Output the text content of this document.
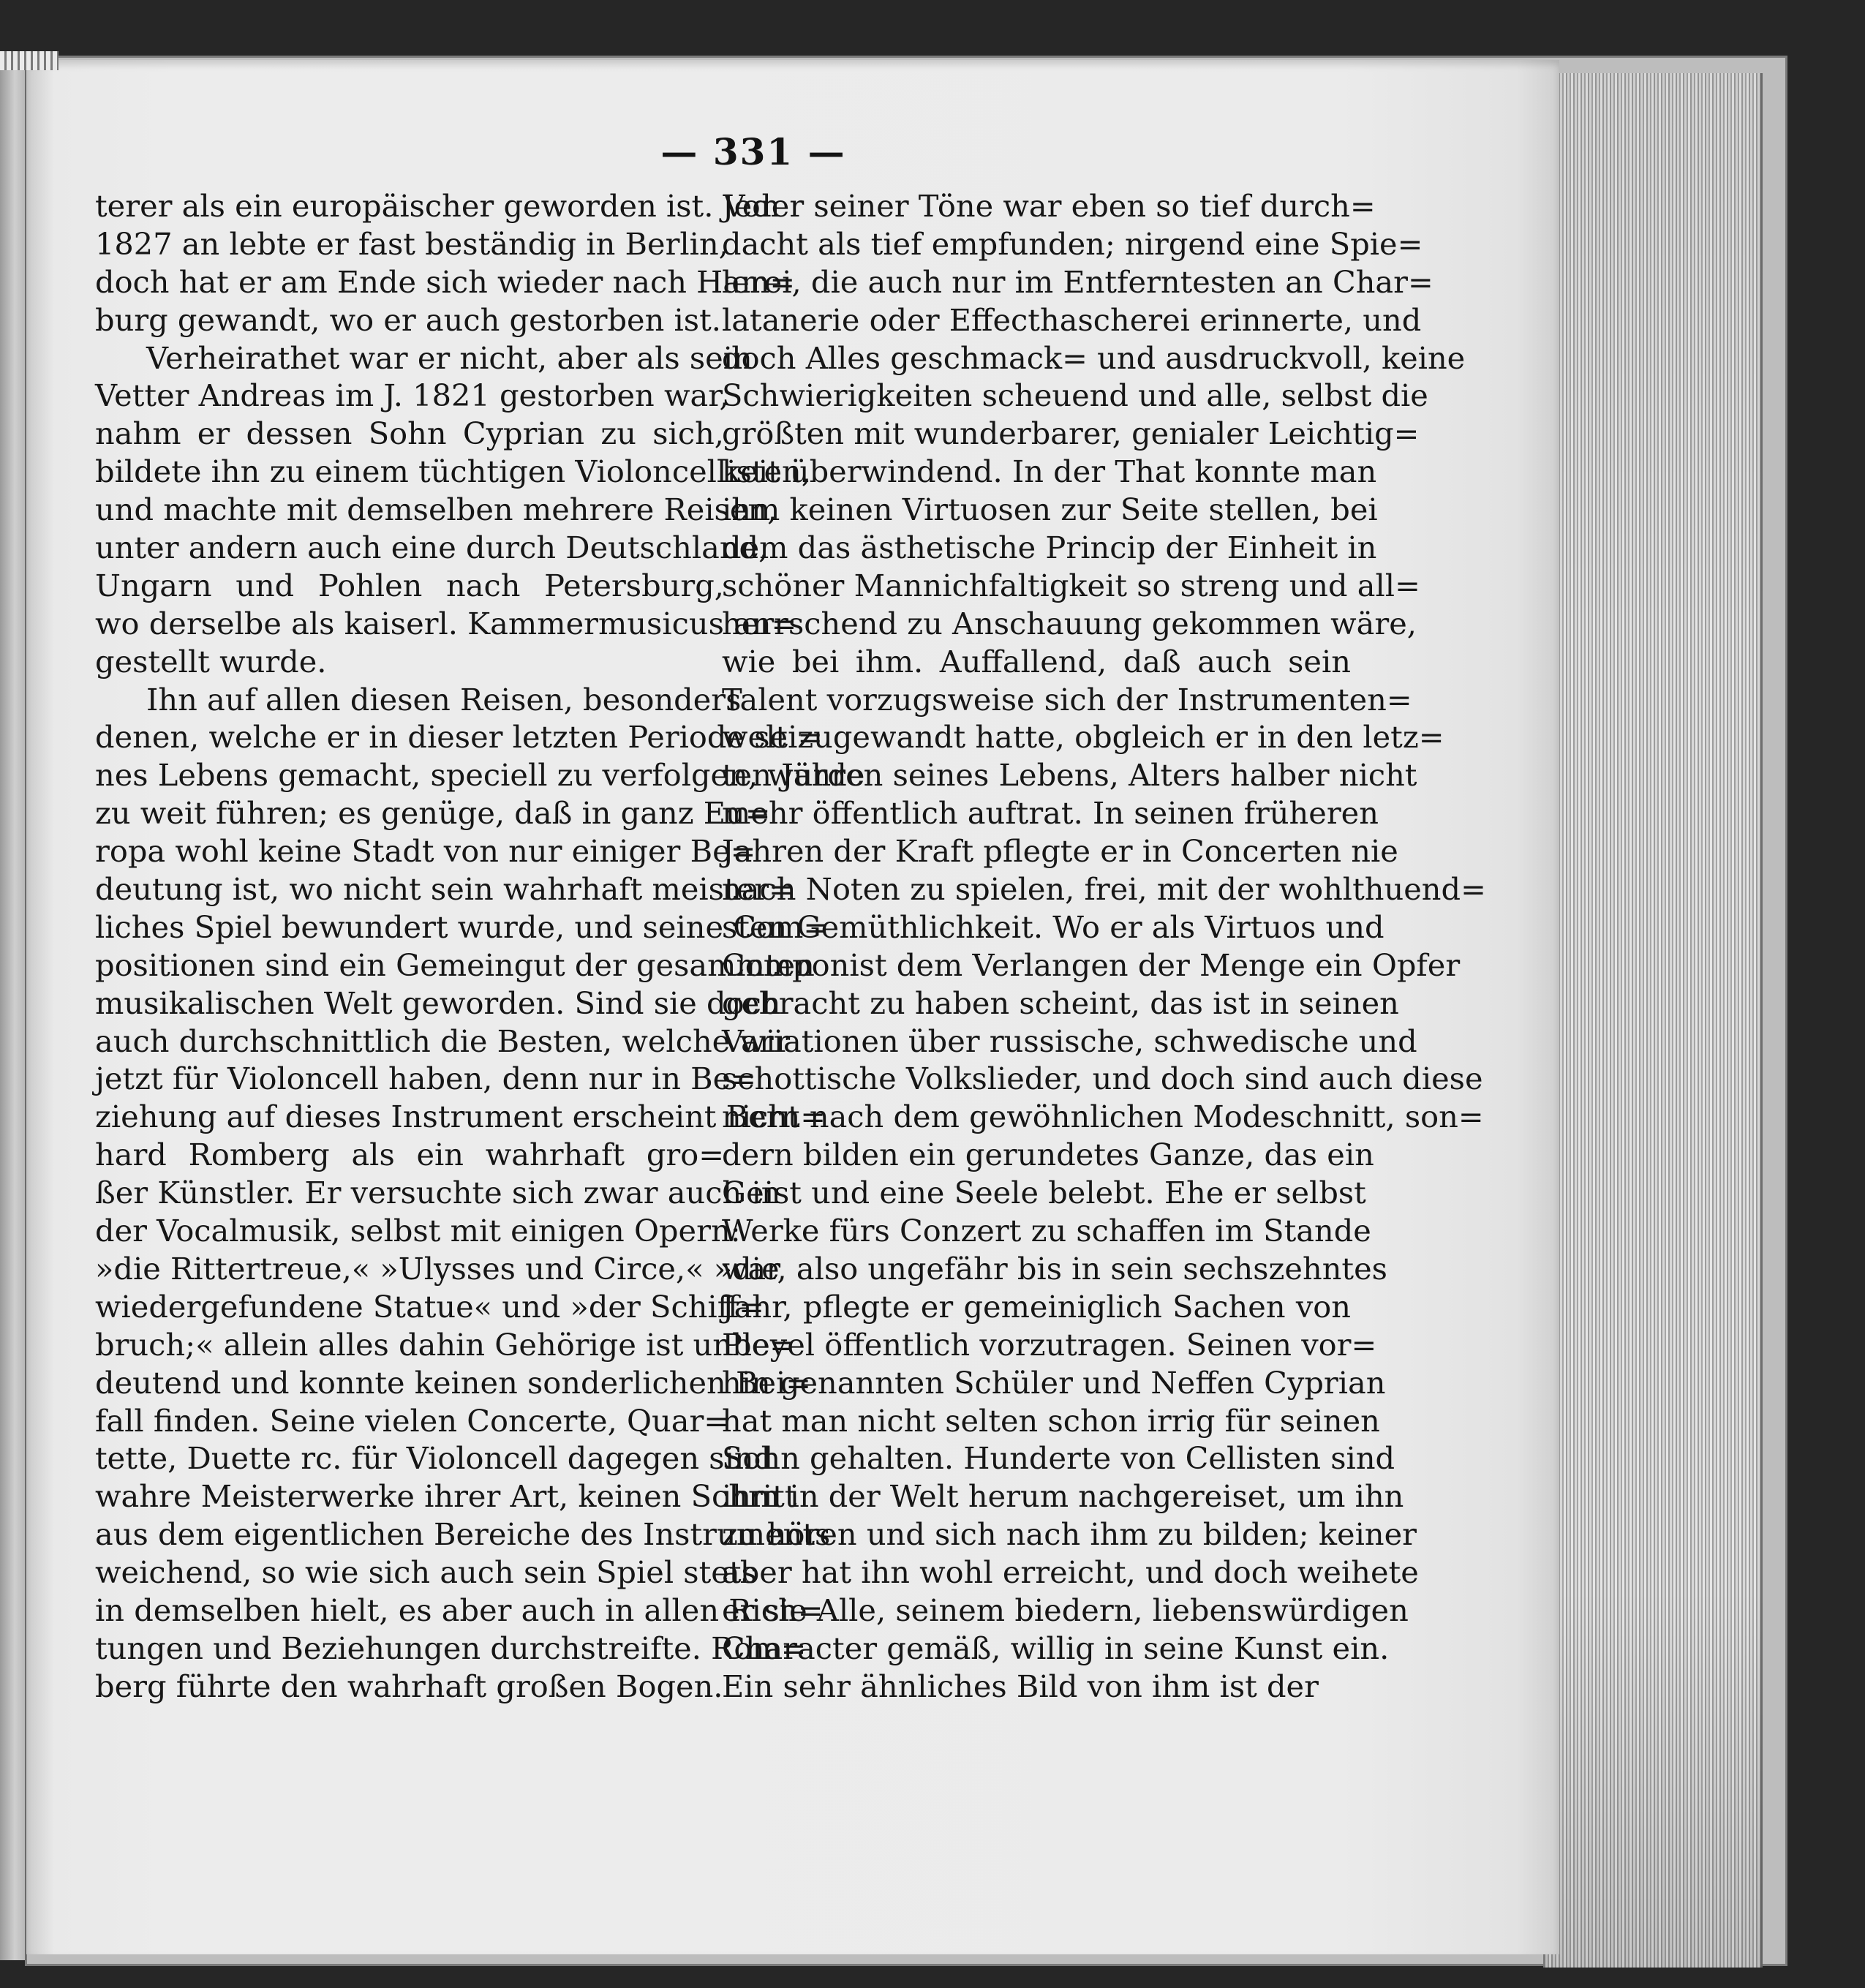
— 331 —
terer als ein europäischer geworden ist. Von
1827 an lebte er fast beständig in Berlin,
doch hat er am Ende sich wieder nach Ham=
burg gewandt, wo er auch gestorben ist.
Verheirathet war er nicht, aber als sein
Vetter Andreas im J. 1821 gestorben war,
nahm er dessen Sohn Cyprian zu sich,
bildete ihn zu einem tüchtigen Violoncellisten,
und machte mit demselben mehrere Reisen,
unter andern auch eine durch Deutschland,
Ungarn und Pohlen nach Petersburg,
wo derselbe als kaiserl. Kammermusicus an=
gestellt wurde.
Ihn auf allen diesen Reisen, besonders
denen, welche er in dieser letzten Periode sei=
nes Lebens gemacht, speciell zu verfolgen, würde
zu weit führen; es genüge, daß in ganz Eu=
ropa wohl keine Stadt von nur einiger Be=
deutung ist, wo nicht sein wahrhaft meister=
liches Spiel bewundert wurde, und seine Com=
positionen sind ein Gemeingut der gesammten
musikalischen Welt geworden. Sind sie doch
auch durchschnittlich die Besten, welche wir
jetzt für Violoncell haben, denn nur in Be=
ziehung auf dieses Instrument erscheint Bern=
hard Romberg als ein wahrhaft gro=
ßer Künstler. Er versuchte sich zwar auch in
der Vocalmusik, selbst mit einigen Opern:
»die Rittertreue,« »Ulysses und Circe,« »die
wiedergefundene Statue« und »der Schiff=
bruch;« allein alles dahin Gehörige ist unbe=
deutend und konnte keinen sonderlichen Bei=
fall finden. Seine vielen Concerte, Quar=
tette, Duette rc. für Violoncell dagegen sind
wahre Meisterwerke ihrer Art, keinen Schritt
aus dem eigentlichen Bereiche des Instruments
weichend, so wie sich auch sein Spiel stets
in demselben hielt, es aber auch in allen Rich=
tungen und Beziehungen durchstreifte. Rom=
berg führte den wahrhaft großen Bogen.
Jeder seiner Töne war eben so tief durch=
dacht als tief empfunden; nirgend eine Spie=
lerei, die auch nur im Entferntesten an Char=
latanerie oder Effecthascherei erinnerte, und
doch Alles geschmack= und ausdruckvoll, keine
Schwierigkeiten scheuend und alle, selbst die
größten mit wunderbarer, genialer Leichtig=
keit überwindend. In der That konnte man
ihm keinen Virtuosen zur Seite stellen, bei
dem das ästhetische Princip der Einheit in
schöner Mannichfaltigkeit so streng und all=
herrschend zu Anschauung gekommen wäre,
wie bei ihm. Auffallend, daß auch sein
Talent vorzugsweise sich der Instrumenten=
welt zugewandt hatte, obgleich er in den letz=
ten Jahren seines Lebens, Alters halber nicht
mehr öffentlich auftrat. In seinen früheren
Jahren der Kraft pflegte er in Concerten nie
nach Noten zu spielen, frei, mit der wohlthuend=
sten Gemüthlichkeit. Wo er als Virtuos und
Componist dem Verlangen der Menge ein Opfer
gebracht zu haben scheint, das ist in seinen
Variationen über russische, schwedische und
schottische Volkslieder, und doch sind auch diese
nicht nach dem gewöhnlichen Modeschnitt, son=
dern bilden ein gerundetes Ganze, das ein
Geist und eine Seele belebt. Ehe er selbst
Werke fürs Conzert zu schaffen im Stande
war, also ungefähr bis in sein sechszehntes
Jahr, pflegte er gemeiniglich Sachen von
Pleyel öffentlich vorzutragen. Seinen vor=
hin genannten Schüler und Neffen Cyprian
hat man nicht selten schon irrig für seinen
Sohn gehalten. Hunderte von Cellisten sind
ihm in der Welt herum nachgereiset, um ihn
zu hören und sich nach ihm zu bilden; keiner
aber hat ihn wohl erreicht, und doch weihete
er sie Alle, seinem biedern, liebenswürdigen
Character gemäß, willig in seine Kunst ein.
Ein sehr ähnliches Bild von ihm ist der
